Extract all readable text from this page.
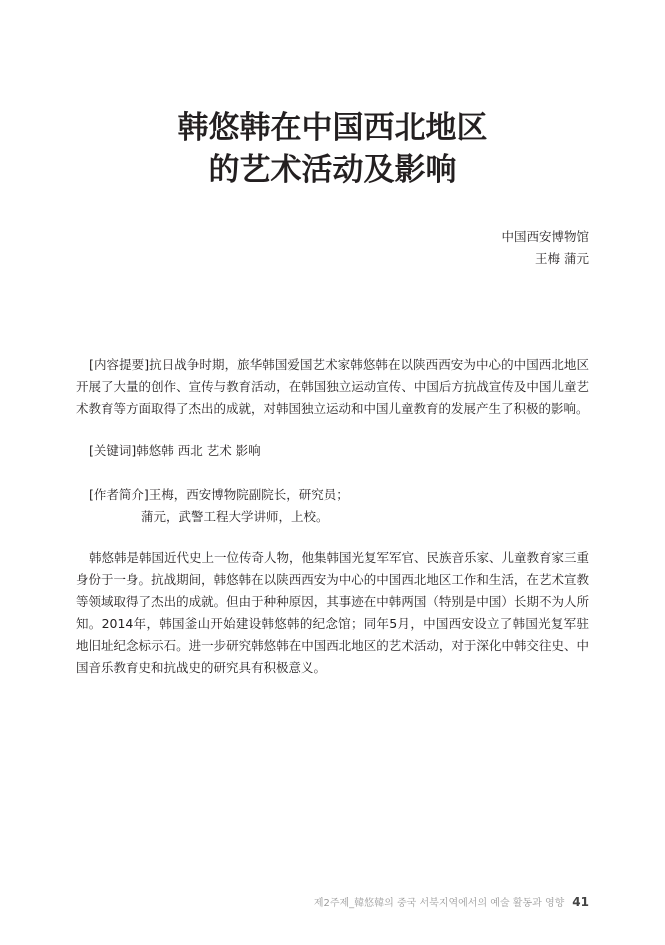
韩悠韩在中国西北地区
的艺术活动及影响
中国西安博物馆
王梅 蒲元
[内容提要]抗日战争时期，旅华韩国爱国艺术家韩悠韩在以陕西西安为中心的中国西北地区开展了大量的创作、宣传与教育活动，在韩国独立运动宣传、中国后方抗战宣传及中国儿童艺术教育等方面取得了杰出的成就，对韩国独立运动和中国儿童教育的发展产生了积极的影响。
[关键词]韩悠韩 西北 艺术 影响
[作者简介]王梅，西安博物院副院长，研究员；
蒲元，武警工程大学讲师，上校。
韩悠韩是韩国近代史上一位传奇人物，他集韩国光复军军官、民族音乐家、儿童教育家三重身份于一身。抗战期间，韩悠韩在以陕西西安为中心的中国西北地区工作和生活，在艺术宣教等领域取得了杰出的成就。但由于种种原因，其事迹在中韩两国（特别是中国）长期不为人所知。2014年，韩国釜山开始建设韩悠韩的纪念馆；同年5月，中国西安设立了韩国光复军驻地旧址纪念标示石。进一步研究韩悠韩在中国西北地区的艺术活动，对于深化中韩交往史、中国音乐教育史和抗战史的研究具有积极意义。
제2주제_韓悠韓의 중국 서북지역에서의 예술 활동과 영향 41
